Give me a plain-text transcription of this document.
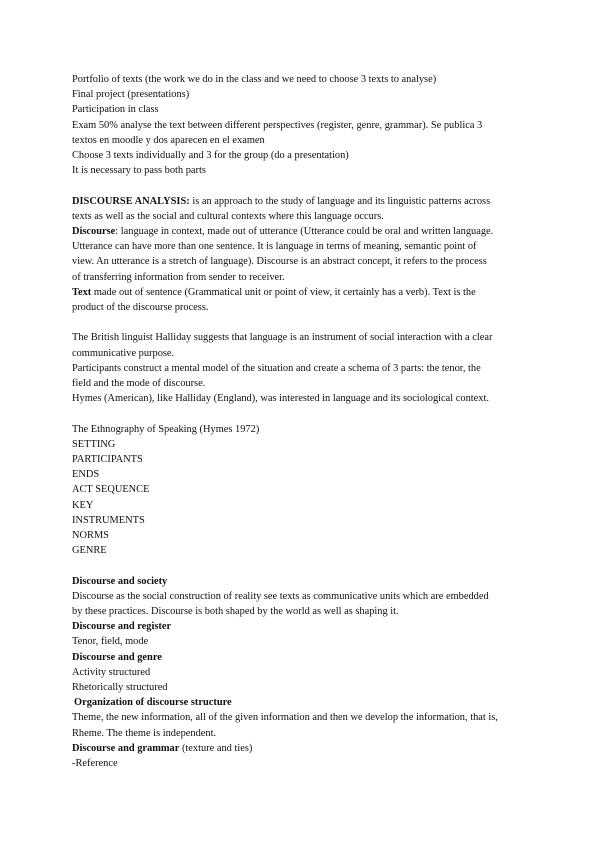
Portfolio of texts (the work we do in the class and we need to choose 3 texts to analyse)
Final project (presentations)
Participation in class
Exam 50% analyse the text between different perspectives (register, genre, grammar). Se publica 3
textos en moodle y dos aparecen en el examen
Choose 3 texts individually and 3 for the group (do a presentation)
It is necessary to pass both parts
DISCOURSE ANALYSIS: is an approach to the study of language and its linguistic patterns across
texts as well as the social and cultural contexts where this language occurs.
Discourse: language in context, made out of utterance (Utterance could be oral and written language.
Utterance can have more than one sentence. It is language in terms of meaning, semantic point of
view. An utterance is a stretch of language). Discourse is an abstract concept, it refers to the process
of transferring information from sender to receiver.
Text made out of sentence (Grammatical unit or point of view, it certainly has a verb). Text is the
product of the discourse process.
The British linguist Halliday suggests that language is an instrument of social interaction with a clear
communicative purpose.
Participants construct a mental model of the situation and create a schema of 3 parts: the tenor, the
field and the mode of discourse.
Hymes (American), like Halliday (England), was interested in language and its sociological context.
The Ethnography of Speaking (Hymes 1972)
SETTING
PARTICIPANTS
ENDS
ACT SEQUENCE
KEY
INSTRUMENTS
NORMS
GENRE
Discourse and society
Discourse as the social construction of reality see texts as communicative units which are embedded
by these practices. Discourse is both shaped by the world as well as shaping it.
Discourse and register
Tenor, field, mode
Discourse and genre
Activity structured
Rhetorically structured
Organization of discourse structure
Theme, the new information, all of the given information and then we develop the information, that is,
Rheme. The theme is independent.
Discourse and grammar (texture and ties)
-Reference
